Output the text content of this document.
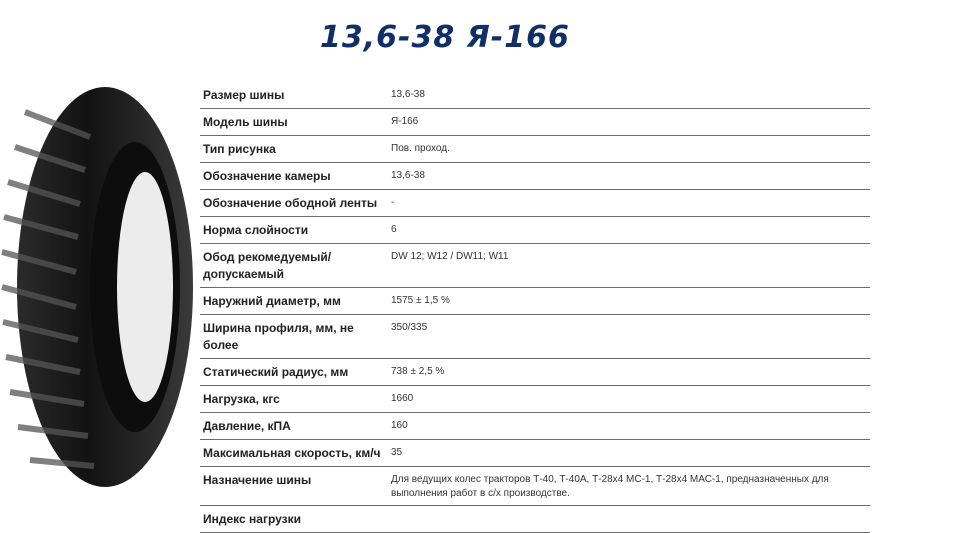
13,6-38 Я-166
Размер шины	13,6-38
Модель шины	Я-166
Тип рисунка	Пов. проход.
Обозначение камеры	13,6-38
Обозначение ободной ленты	-
Норма слойности	6
Обод рекомедуемый/допускаемый	DW 12; W12 / DW11; W11
Наружний диаметр, мм	1575 ± 1,5 %
Ширина профиля, мм, не более	350/335
Статический радиус, мм	738 ± 2,5 %
Нагрузка, кгс	1660
Давление, кПА	160
Максимальная скорость, км/ч	35
Назначение шины	Для ведущих колес тракторов Т-40, Т-40А, Т-28х4 МС-1, Т-28х4 МАС-1, предназначенных для выполнения работ в с/х производстве.
Индекс нагрузки	
